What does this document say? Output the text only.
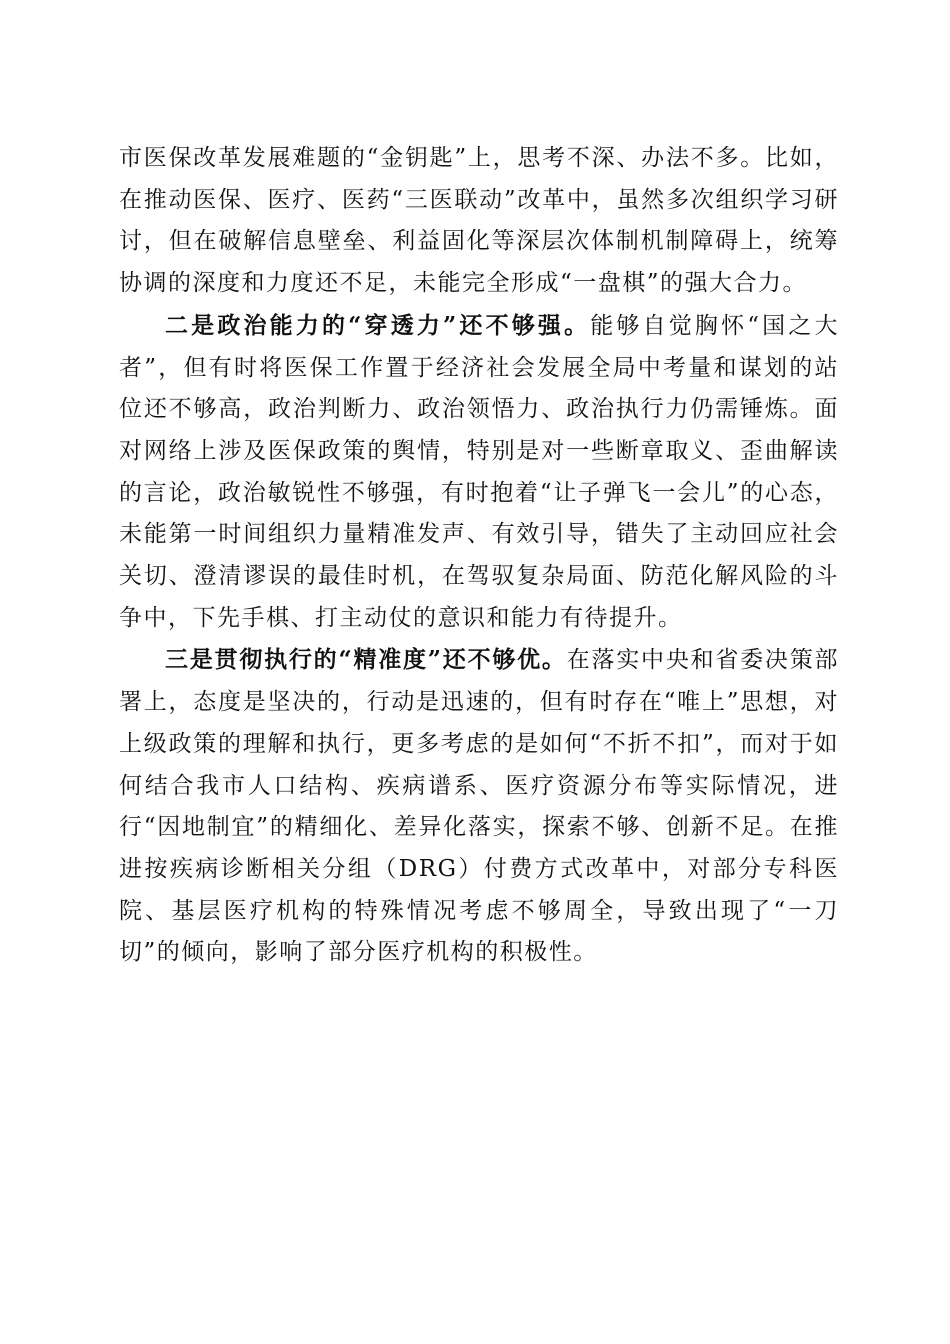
市医保改革发展难题的“金钥匙”上，思考不深、办法不多。比如，在推动医保、医疗、医药“三医联动”改革中，虽然多次组织学习研讨，但在破解信息壁垒、利益固化等深层次体制机制障碍上，统筹协调的深度和力度还不足，未能完全形成“一盘棋”的强大合力。

二是政治能力的“穿透力”还不够强。能够自觉胸怀“国之大者”，但有时将医保工作置于经济社会发展全局中考量和谋划的站位还不够高，政治判断力、政治领悟力、政治执行力仍需锤炼。面对网络上涉及医保政策的舆情，特别是对一些断章取义、歪曲解读的言论，政治敏锐性不够强，有时抱着“让子弹飞一会儿”的心态，未能第一时间组织力量精准发声、有效引导，错失了主动回应社会关切、澄清谬误的最佳时机，在驾驭复杂局面、防范化解风险的斗争中，下先手棋、打主动仗的意识和能力有待提升。

三是贯彻执行的“精准度”还不够优。在落实中央和省委决策部署上，态度是坚决的，行动是迅速的，但有时存在“唯上”思想，对上级政策的理解和执行，更多考虑的是如何“不折不扣”，而对于如何结合我市人口结构、疾病谱系、医疗资源分布等实际情况，进行“因地制宜”的精细化、差异化落实，探索不够、创新不足。在推进按疾病诊断相关分组（DRG）付费方式改革中，对部分专科医院、基层医疗机构的特殊情况考虑不够周全，导致出现了“一刀切”的倾向，影响了部分医疗机构的积极性。
